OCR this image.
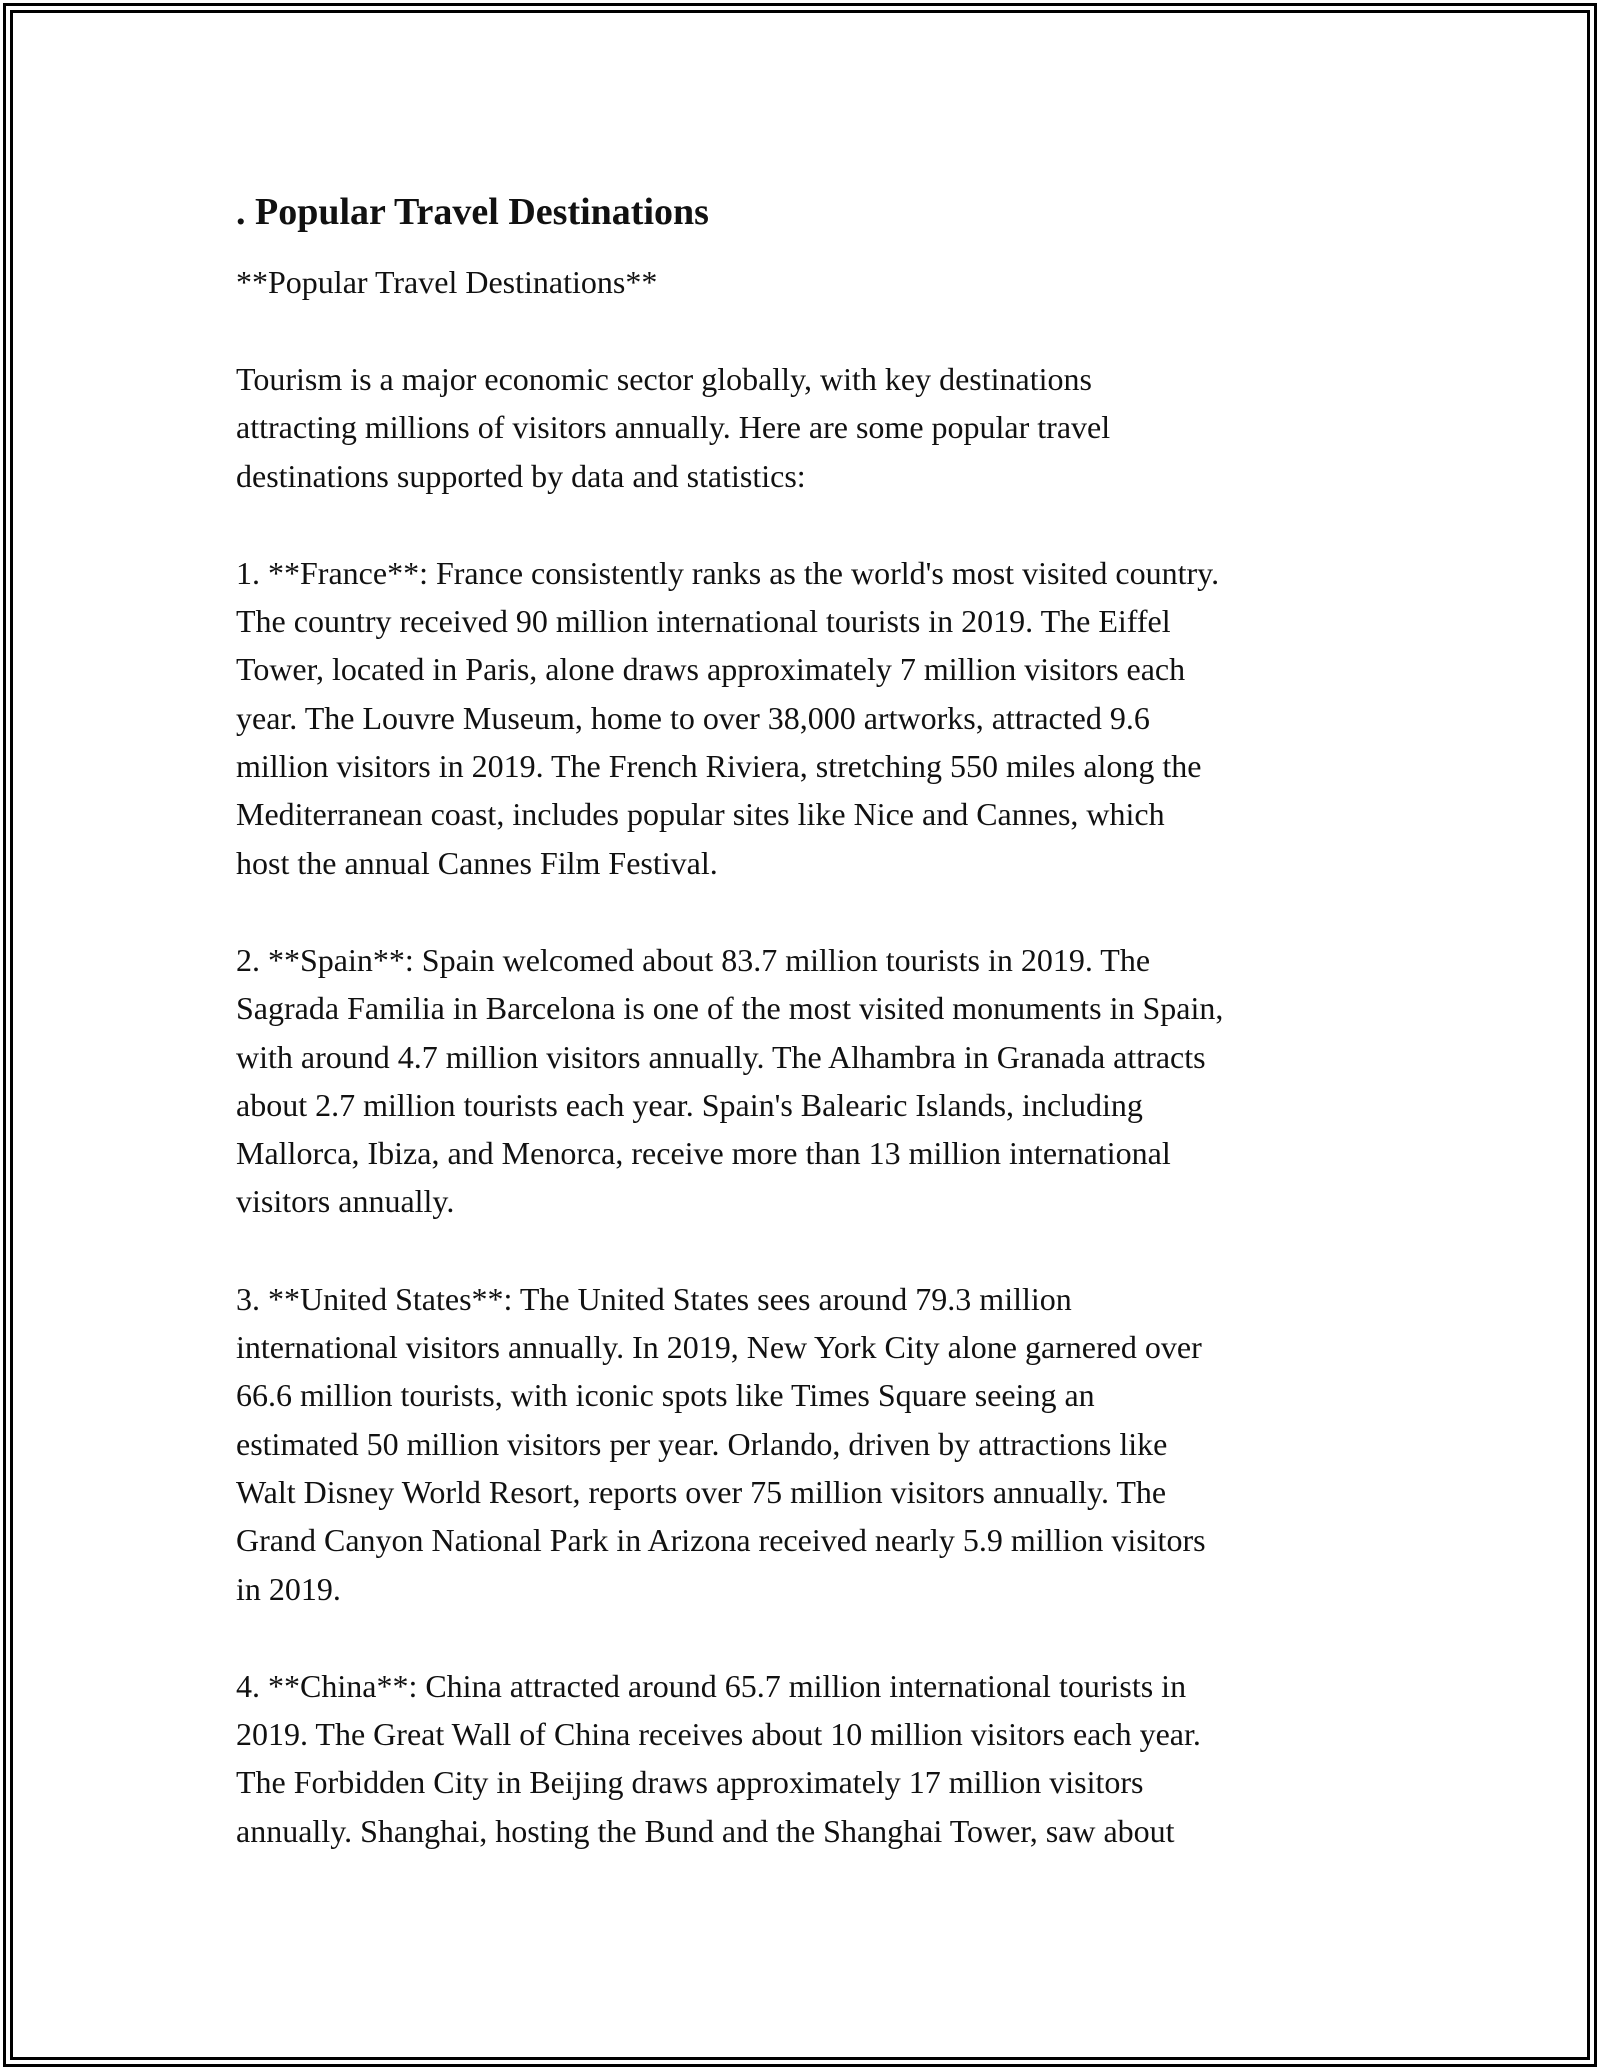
. Popular Travel Destinations

**Popular Travel Destinations**

Tourism is a major economic sector globally, with key destinations
attracting millions of visitors annually. Here are some popular travel
destinations supported by data and statistics:

1. **France**: France consistently ranks as the world's most visited country.
The country received 90 million international tourists in 2019. The Eiffel
Tower, located in Paris, alone draws approximately 7 million visitors each
year. The Louvre Museum, home to over 38,000 artworks, attracted 9.6
million visitors in 2019. The French Riviera, stretching 550 miles along the
Mediterranean coast, includes popular sites like Nice and Cannes, which
host the annual Cannes Film Festival.

2. **Spain**: Spain welcomed about 83.7 million tourists in 2019. The
Sagrada Familia in Barcelona is one of the most visited monuments in Spain,
with around 4.7 million visitors annually. The Alhambra in Granada attracts
about 2.7 million tourists each year. Spain's Balearic Islands, including
Mallorca, Ibiza, and Menorca, receive more than 13 million international
visitors annually.

3. **United States**: The United States sees around 79.3 million
international visitors annually. In 2019, New York City alone garnered over
66.6 million tourists, with iconic spots like Times Square seeing an
estimated 50 million visitors per year. Orlando, driven by attractions like
Walt Disney World Resort, reports over 75 million visitors annually. The
Grand Canyon National Park in Arizona received nearly 5.9 million visitors
in 2019.

4. **China**: China attracted around 65.7 million international tourists in
2019. The Great Wall of China receives about 10 million visitors each year.
The Forbidden City in Beijing draws approximately 17 million visitors
annually. Shanghai, hosting the Bund and the Shanghai Tower, saw about
